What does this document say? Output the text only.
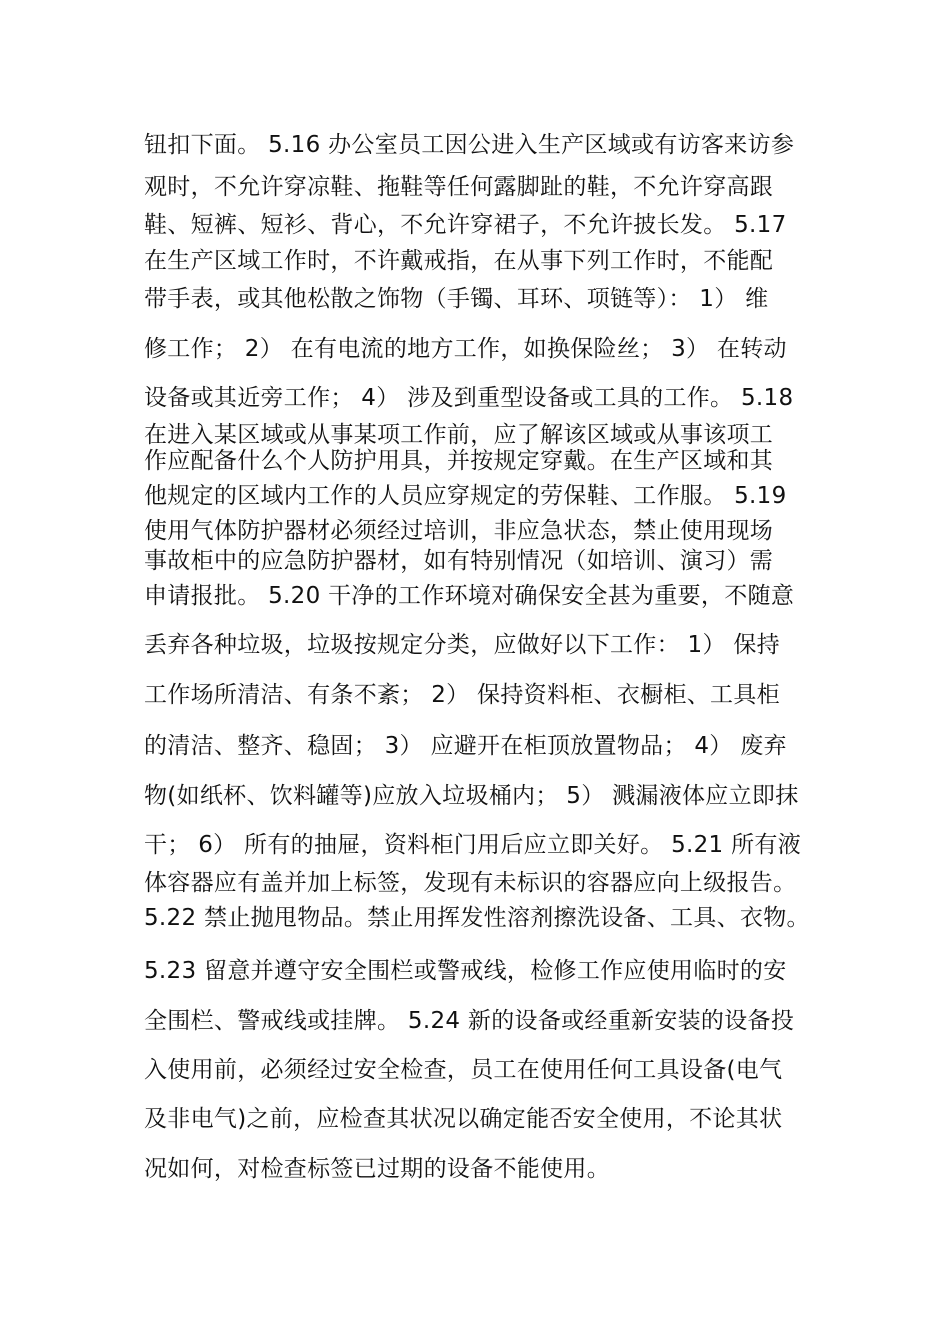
钮扣下面。 5.16 办公室员工因公进入生产区域或有访客来访参
观时，不允许穿凉鞋、拖鞋等任何露脚趾的鞋，不允许穿高跟
鞋、短裤、短衫、背心，不允许穿裙子，不允许披长发。 5.17
在生产区域工作时，不许戴戒指，在从事下列工作时，不能配
带手表，或其他松散之饰物（手镯、耳环、项链等）： 1） 维
修工作； 2） 在有电流的地方工作，如换保险丝； 3） 在转动
设备或其近旁工作； 4） 涉及到重型设备或工具的工作。 5.18
在进入某区域或从事某项工作前，应了解该区域或从事该项工
作应配备什么个人防护用具，并按规定穿戴。在生产区域和其
他规定的区域内工作的人员应穿规定的劳保鞋、工作服。 5.19
使用气体防护器材必须经过培训，非应急状态，禁止使用现场
事故柜中的应急防护器材，如有特别情况（如培训、演习）需
申请报批。 5.20 干净的工作环境对确保安全甚为重要，不随意
丢弃各种垃圾，垃圾按规定分类，应做好以下工作： 1） 保持
工作场所清洁、有条不紊； 2） 保持资料柜、衣橱柜、工具柜
的清洁、整齐、稳固； 3） 应避开在柜顶放置物品； 4） 废弃
物(如纸杯、饮料罐等)应放入垃圾桶内； 5） 溅漏液体应立即抹
干； 6） 所有的抽屉，资料柜门用后应立即关好。 5.21 所有液
体容器应有盖并加上标签，发现有未标识的容器应向上级报告。
5.22 禁止抛甩物品。禁止用挥发性溶剂擦洗设备、工具、衣物。
5.23 留意并遵守安全围栏或警戒线，检修工作应使用临时的安
全围栏、警戒线或挂牌。 5.24 新的设备或经重新安装的设备投
入使用前，必须经过安全检查，员工在使用任何工具设备(电气
及非电气)之前，应检查其状况以确定能否安全使用，不论其状
况如何，对检查标签已过期的设备不能使用。
